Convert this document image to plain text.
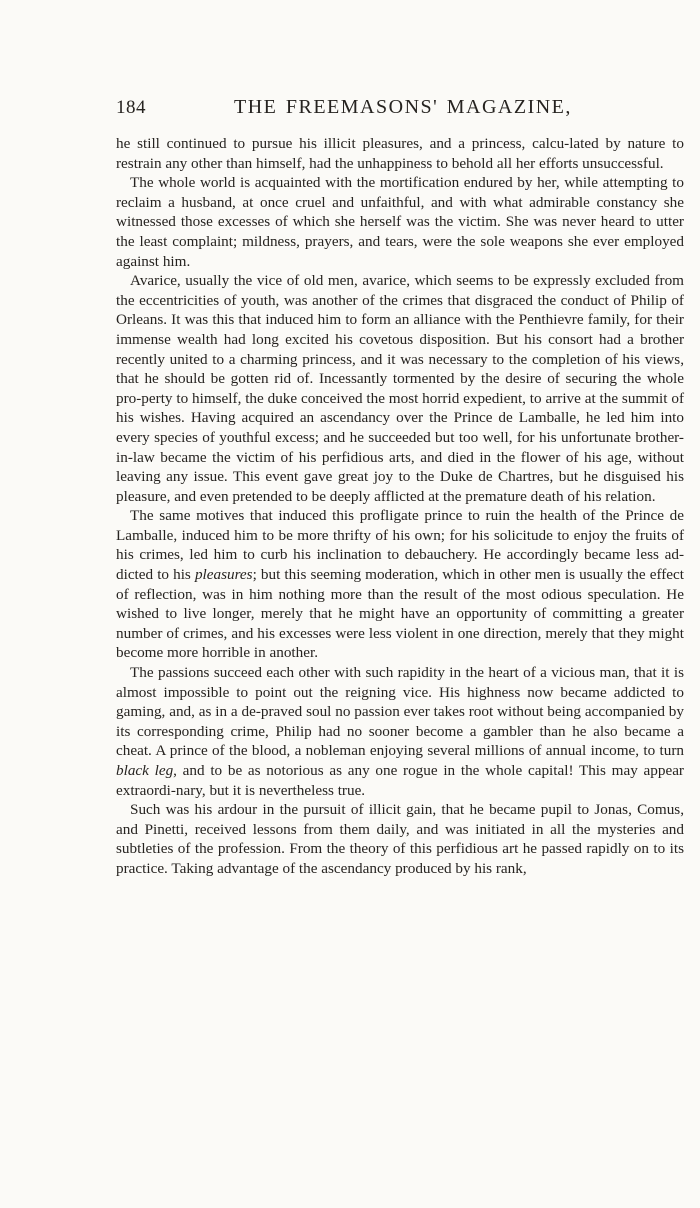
184	THE FREEMASONS' MAGAZINE,

he still continued to pursue his illicit pleasures, and a princess, calcu-lated by nature to restrain any other than himself, had the unhappiness to behold all her efforts unsuccessful.

The whole world is acquainted with the mortification endured by her, while attempting to reclaim a husband, at once cruel and unfaithful, and with what admirable constancy she witnessed those excesses of which she herself was the victim. She was never heard to utter the least complaint; mildness, prayers, and tears, were the sole weapons she ever employed against him.

Avarice, usually the vice of old men, avarice, which seems to be expressly excluded from the eccentricities of youth, was another of the crimes that disgraced the conduct of Philip of Orleans. It was this that induced him to form an alliance with the Penthievre family, for their immense wealth had long excited his covetous disposition. But his consort had a brother recently united to a charming princess, and it was necessary to the completion of his views, that he should be gotten rid of. Incessantly tormented by the desire of securing the whole pro-perty to himself, the duke conceived the most horrid expedient, to arrive at the summit of his wishes. Having acquired an ascendancy over the Prince de Lamballe, he led him into every species of youthful excess; and he succeeded but too well, for his unfortunate brother-in-law became the victim of his perfidious arts, and died in the flower of his age, without leaving any issue. This event gave great joy to the Duke de Chartres, but he disguised his pleasure, and even pretended to be deeply afflicted at the premature death of his relation.

The same motives that induced this profligate prince to ruin the health of the Prince de Lamballe, induced him to be more thrifty of his own; for his solicitude to enjoy the fruits of his crimes, led him to curb his inclination to debauchery. He accordingly became less ad-dicted to his pleasures; but this seeming moderation, which in other men is usually the effect of reflection, was in him nothing more than the result of the most odious speculation. He wished to live longer, merely that he might have an opportunity of committing a greater number of crimes, and his excesses were less violent in one direction, merely that they might become more horrible in another.

The passions succeed each other with such rapidity in the heart of a vicious man, that it is almost impossible to point out the reigning vice. His highness now became addicted to gaming, and, as in a de-praved soul no passion ever takes root without being accompanied by its corresponding crime, Philip had no sooner become a gambler than he also became a cheat. A prince of the blood, a nobleman enjoying several millions of annual income, to turn black leg, and to be as notorious as any one rogue in the whole capital! This may appear extraordi-nary, but it is nevertheless true.

Such was his ardour in the pursuit of illicit gain, that he became pupil to Jonas, Comus, and Pinetti, received lessons from them daily, and was initiated in all the mysteries and subtleties of the profession. From the theory of this perfidious art he passed rapidly on to its practice. Taking advantage of the ascendancy produced by his rank,
